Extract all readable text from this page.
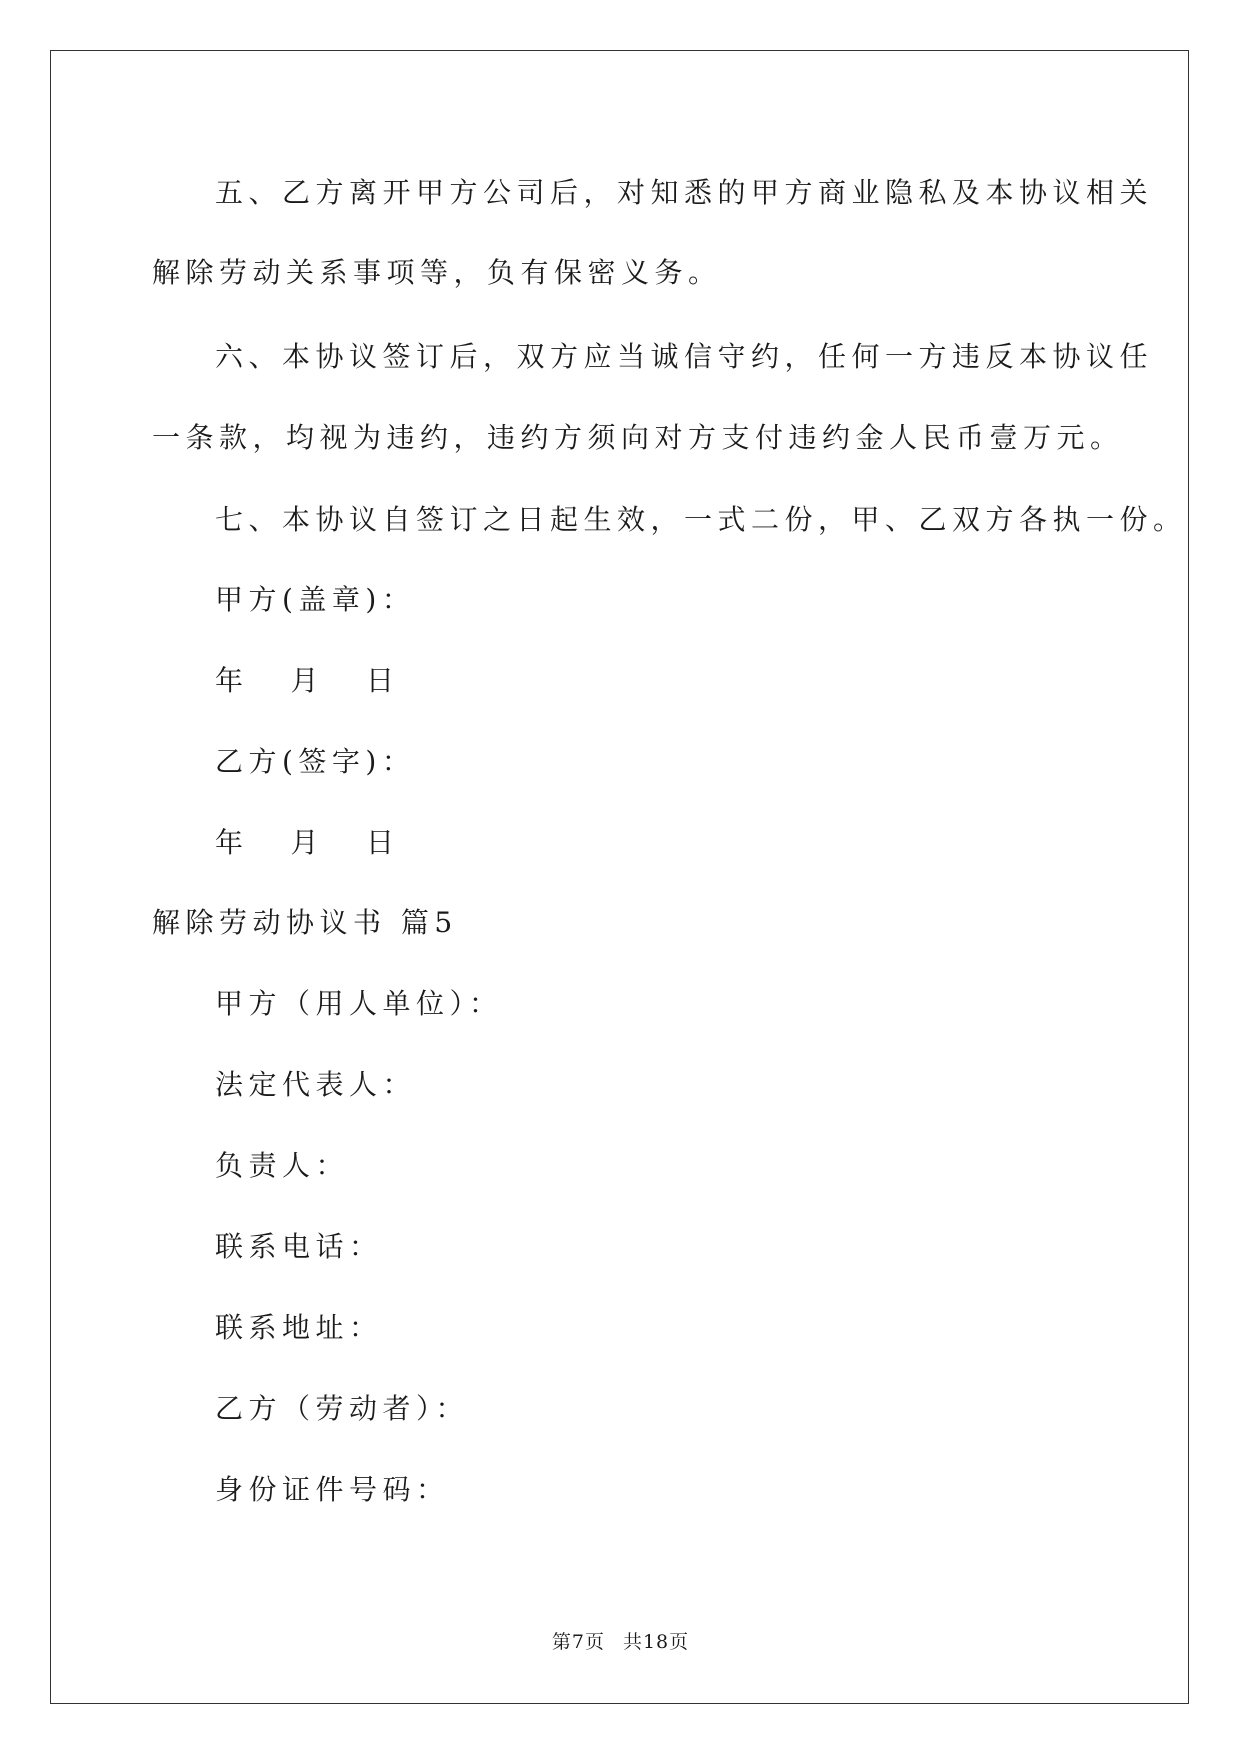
五、乙方离开甲方公司后，对知悉的甲方商业隐私及本协议相关
解除劳动关系事项等，负有保密义务。
六、本协议签订后，双方应当诚信守约，任何一方违反本协议任
一条款，均视为违约，违约方须向对方支付违约金人民币壹万元。
七、本协议自签订之日起生效，一式二份，甲、乙双方各执一份。
甲方(盖章)：
年 月 日
乙方(签字)：
年 月 日
解除劳动协议书 篇5
甲方（用人单位）：
法定代表人：
负责人：
联系电话：
联系地址：
乙方（劳动者）：
身份证件号码：
第7页 共18页
